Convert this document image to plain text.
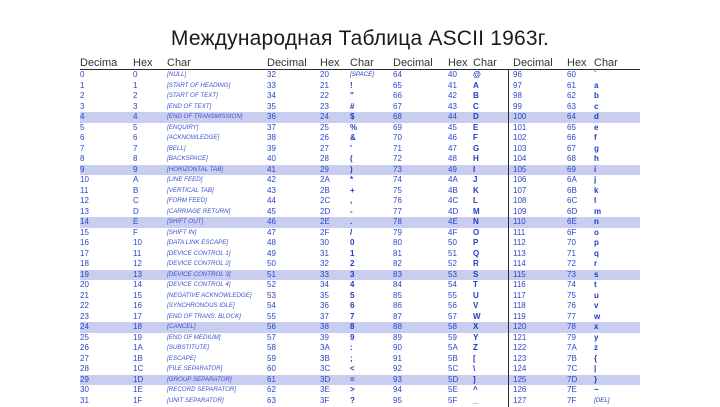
Международная Таблица ASCII 1963г.
Decima Hex Char	Decimal Hex Char Decimal Hex Char Decimal Hex Char
0	0	[NULL]	32	20	[SPACE] 64	40 @	96	60 `
1	1	[START OF HEADING]	33	21	!	65	41 A	97	61 a
2	2	[START OF TEXT]	34	22	"	66	42 B	98	62 b
3	3	[END OF TEXT]	35	23	#	67	43 C	99	63 c
4	4	[END OF TRANSMISSION]	36	24	$	68	44 D	100	64 d
5	5	[ENQUIRY]	37	25	%	69	45 E	101	65 e
6	6	[ACKNOWLEDGE]	38	26	&	70	46 F	102	66 f
7	7	[BELL]	39	27	'	71	47 G	103	67 g
8	8	[BACKSPACE]	40	28	(	72	48 H	104	68 h
9	9	[HORIZONTAL TAB]	41	29	)	73	49 I	105	69 i
10	A	[LINE FEED]	42	2A	*	74	4A J	106	6A j
11	B	[VERTICAL TAB]	43	2B	+	75	4B K	107	6B k
12	C	[FORM FEED]	44	2C ,	76	4C L	108	6C l
13	D	[CARRIAGE RETURN]	45	2D -	77	4D M	109	6D m
14	E	[SHIFT OUT]	46	2E	.	78	4E N	110	6E n
15	F	[SHIFT IN]	47	2F	/	79	4F O	111	6F o
16	10	[DATA LINK ESCAPE]	48	30	0	80	50 P	112	70 p
17	11	[DEVICE CONTROL 1]	49	31	1	81	51 Q	113	71 q
18	12	[DEVICE CONTROL 2]	50	32	2	82	52 R	114	72 r
19	13	[DEVICE CONTROL 3]	51	33	3	83	53 S	115	73 s
20	14	[DEVICE CONTROL 4]	52	34	4	84	54 T	116	74 t
21	15	[NEGATIVE ACKNOWLEDGE] 53	35	5	85	55 U	117	75 u
22	16	[SYNCHRONOUS IDLE]	54	36	6	86	56 V	118	76 v
23	17	[END OF TRANS. BLOCK]	55	37	7	87	57 W	119	77 w
24	18	[CANCEL]	56	38	8	88	58 X	120	78 x
25	19	[END OF MEDIUM]	57	39	9	89	59 Y	121	79 y
26	1A	[SUBSTITUTE]	58	3A	:	90	5A Z	122	7A z
27	1B	[ESCAPE]	59	3B	;	91	5B [	123	7B {
28	1C	[FILE SEPARATOR]	60	3C <	92	5C \	124	7C |
29	1D	[GROUP SEPARATOR]	61	3D =	93	5D ]	125	7D }
30	1E	[RECORD SEPARATOR]	62	3E	>	94	5E ^	126	7E ~
31	1F	[UNIT SEPARATOR]	63	3F	?	95	5F _	127	7F	[DEL]
